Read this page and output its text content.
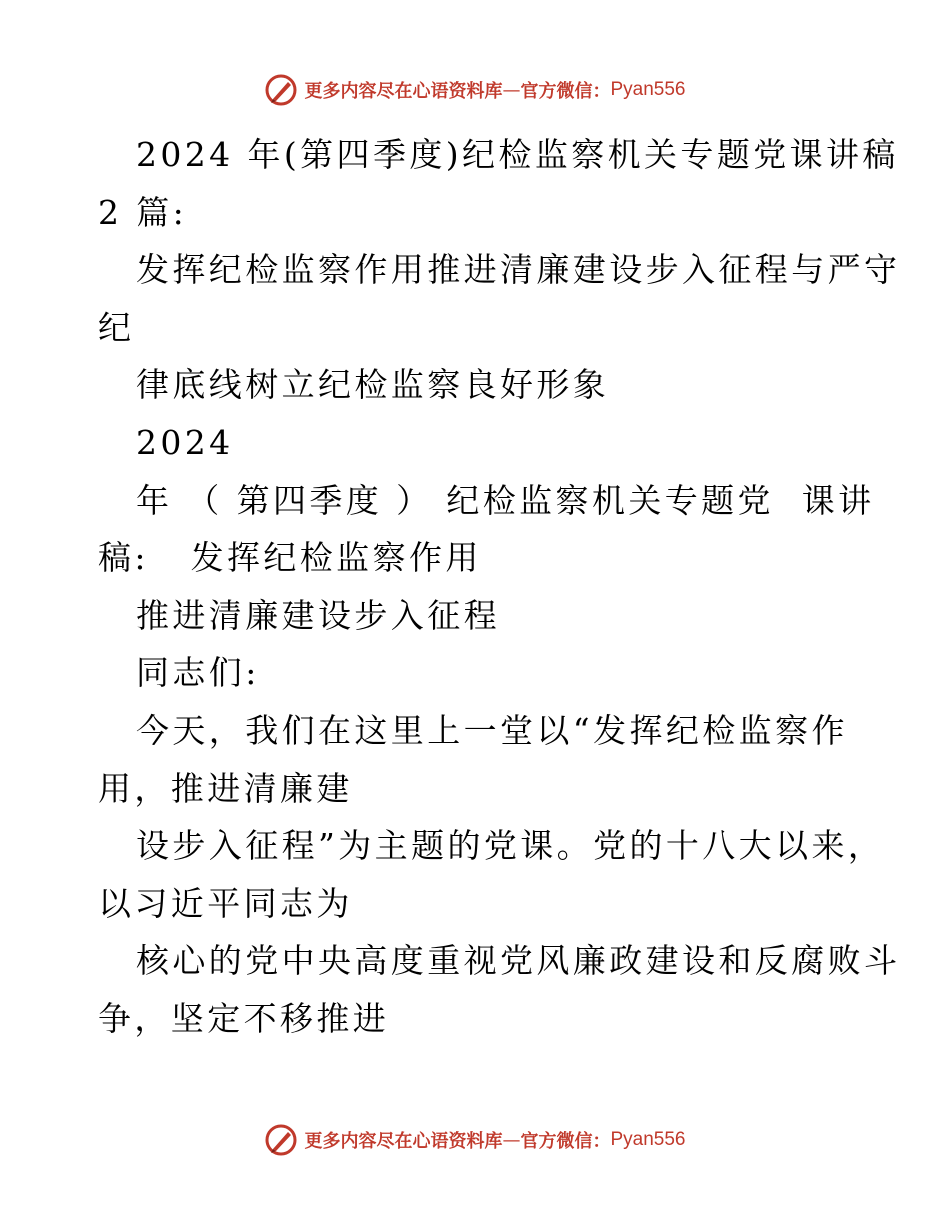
更多内容尽在心语资料库 — 官方微信： Pyan556
2024 年(第四季度)纪检监察机关专题党课讲稿
2 篇:
发挥纪检监察作用推进清廉建设步入征程与严守
纪
律底线树立纪检监察良好形象
2024
年 （ 第四季度 ） 纪检监察机关专题党  课讲
稿:   发挥纪检监察作用
推进清廉建设步入征程
同志们:
今天，我们在这里上一堂以“发挥纪检监察作
用，推进清廉建
设步入征程”为主题的党课。党的十八大以来，
以习近平同志为
核心的党中央高度重视党风廉政建设和反腐败斗
争，坚定不移推进
更多内容尽在心语资料库 — 官方微信： Pyan556
